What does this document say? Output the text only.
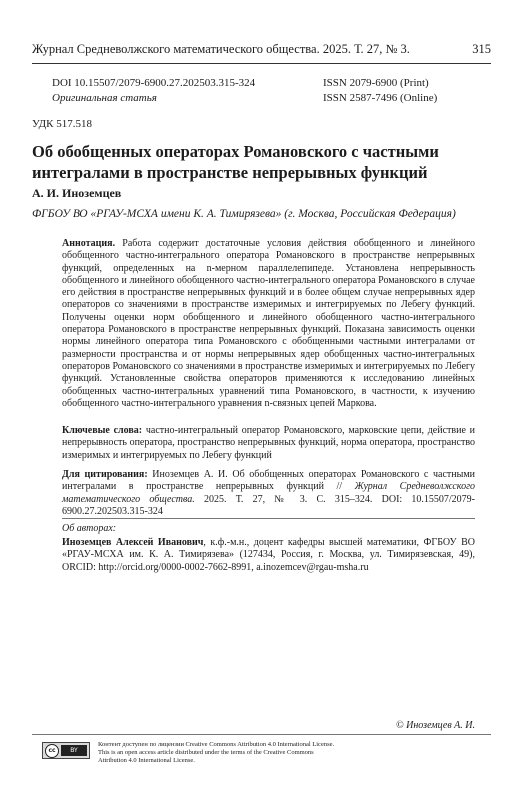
Журнал Средневолжского математического общества. 2025. Т. 27, № 3.	315
DOI 10.15507/2079-6900.27.202503.315-324	ISSN 2079-6900 (Print)
Оригинальная статья	ISSN 2587-7496 (Online)
УДК 517.518
Об обобщенных операторах Романовского с частными интегралами в пространстве непрерывных функций
А. И. Иноземцев
ФГБОУ ВО «РГАУ-МСХА имени К. А. Тимирязева» (г. Москва, Российская Федерация)
Аннотация. Работа содержит достаточные условия действия обобщенного и линейного обобщенного частно-интегрального оператора Романовского в пространстве непрерывных функций, определенных на n-мерном параллелепипеде. Установлена непрерывность обобщенного и линейного обобщенного частно-интегрального оператора Романовского в случае его действия в пространстве непрерывных функций и в более общем случае непрерывных ядер операторов со значениями в пространстве измеримых и интегрируемых по Лебегу функций. Получены оценки норм обобщенного и линейного обобщенного частно-интегрального оператора Романовского в пространстве непрерывных функций. Показана зависимость оценки нормы линейного оператора типа Романовского с обобщенными частными интегралами от размерности пространства и от нормы непрерывных ядер обобщенных частно-интегральных операторов Романовского со значениями в пространстве измеримых и интегрируемых по Лебегу функций. Установленные свойства операторов применяются к исследованию линейных обобщенных частно-интегральных уравнений типа Романовского, в частности, к изучению обобщенного частно-интегрального уравнения n-связных цепей Маркова.
Ключевые слова: частно-интегральный оператор Романовского, марковские цепи, действие и непрерывность оператора, пространство непрерывных функций, норма оператора, пространство измеримых и интегрируемых по Лебегу функций
Для цитирования: Иноземцев А. И. Об обобщенных операторах Романовского с частными интегралами в пространстве непрерывных функций // Журнал Средневолжского математического общества. 2025. Т. 27, № 3. С. 315–324. DOI: 10.15507/2079-6900.27.202503.315-324
Об авторах:
Иноземцев Алексей Иванович, к.ф.-м.н., доцент кафедры высшей математики, ФГБОУ ВО «РГАУ-МСХА им. К. А. Тимирязева» (127434, Россия, г. Москва, ул. Тимирязевская, 49), ORCID: http://orcid.org/0000-0002-7662-8991, a.inozemcev@rgau-msha.ru
© Иноземцев А. И.
cc	BY
Контент доступен по лицензии Creative Commons Attribution 4.0 International License.
This is an open access article distributed under the terms of the Creative Commons
Attribution 4.0 International License.
